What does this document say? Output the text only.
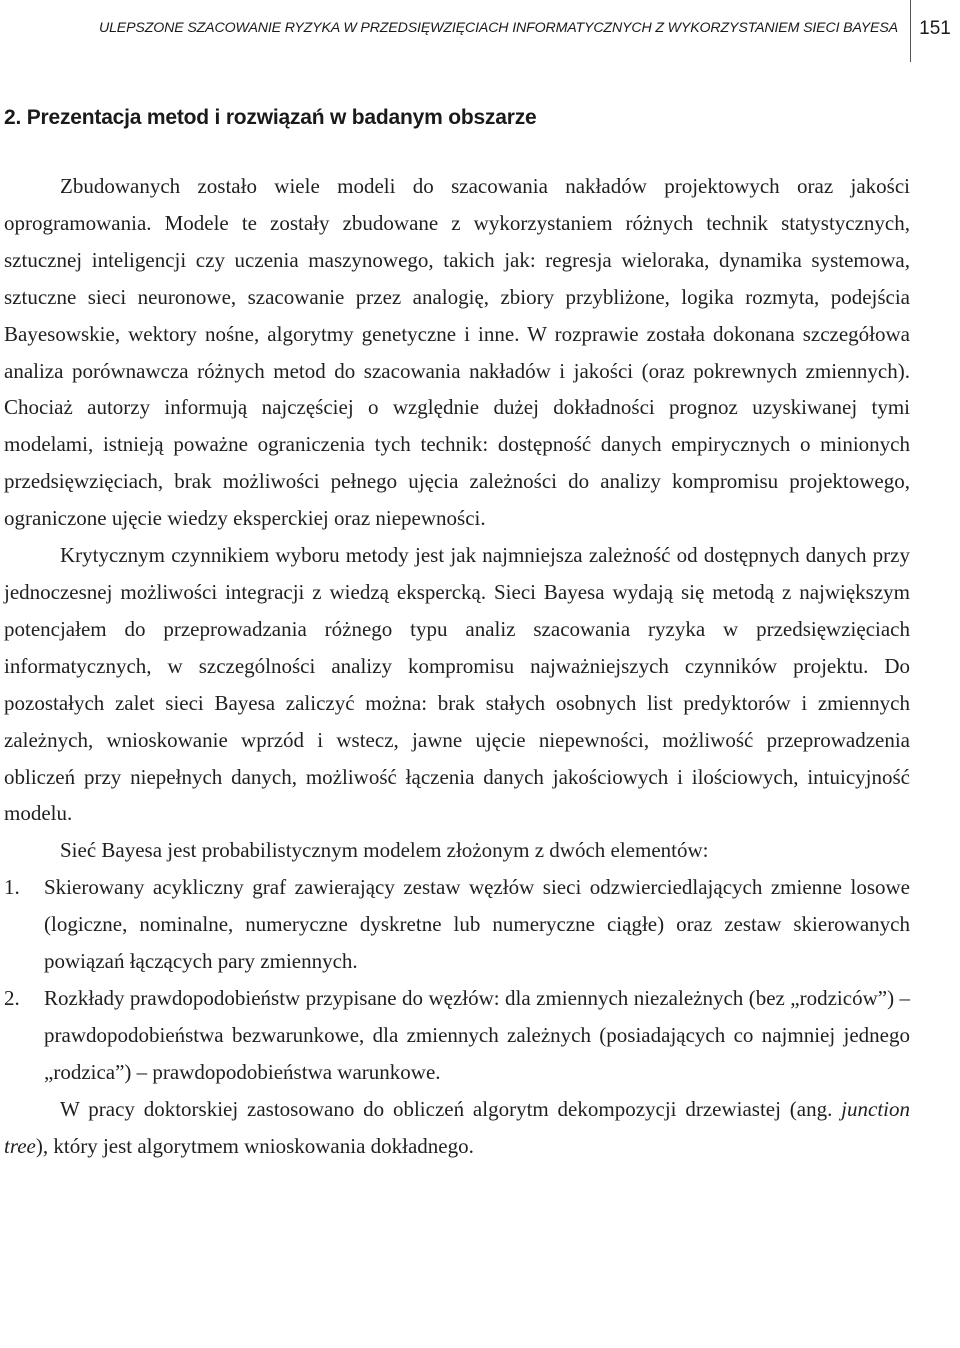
ULEPSZONE SZACOWANIE RYZYKA W PRZEDSIĘWZIĘCIACH INFORMATYCZNYCH Z WYKORZYSTANIEM SIECI BAYESA	151
2. Prezentacja metod i rozwiązań w badanym obszarze

Zbudowanych zostało wiele modeli do szacowania nakładów projektowych oraz jakości oprogramowania. Modele te zostały zbudowane z wykorzystaniem różnych technik statystycznych, sztucznej inteligencji czy uczenia maszynowego, takich jak: regresja wieloraka, dynamika systemowa, sztuczne sieci neuronowe, szacowanie przez analogię, zbiory przybliżone, logika rozmyta, podejścia Bayesowskie, wektory nośne, algorytmy genetyczne i inne. W rozprawie została dokonana szczegółowa analiza porównawcza różnych metod do szacowania nakładów i jakości (oraz pokrewnych zmiennych). Chociaż autorzy informują najczęściej o względnie dużej dokładności prognoz uzyskiwanej tymi modelami, istnieją poważne ograniczenia tych technik: dostępność danych empirycznych o minionych przedsięwzięciach, brak możliwości pełnego ujęcia zależności do analizy kompromisu projektowego, ograniczone ujęcie wiedzy eksperckiej oraz niepewności.

Krytycznym czynnikiem wyboru metody jest jak najmniejsza zależność od dostępnych danych przy jednoczesnej możliwości integracji z wiedzą ekspercką. Sieci Bayesa wydają się metodą z największym potencjałem do przeprowadzania różnego typu analiz szacowania ryzyka w przedsięwzięciach informatycznych, w szczególności analizy kompromisu najważniejszych czynników projektu. Do pozostałych zalet sieci Bayesa zaliczyć można: brak stałych osobnych list predyktorów i zmiennych zależnych, wnioskowanie wprzód i wstecz, jawne ujęcie niepewności, możliwość przeprowadzenia obliczeń przy niepełnych danych, możliwość łączenia danych jakościowych i ilościowych, intuicyjność modelu.

Sieć Bayesa jest probabilistycznym modelem złożonym z dwóch elementów:

1. Skierowany acykliczny graf zawierający zestaw węzłów sieci odzwierciedlających zmienne losowe (logiczne, nominalne, numeryczne dyskretne lub numeryczne ciągłe) oraz zestaw skierowanych powiązań łączących pary zmiennych.
2. Rozkłady prawdopodobieństw przypisane do węzłów: dla zmiennych niezależnych (bez „rodziców”) – prawdopodobieństwa bezwarunkowe, dla zmiennych zależnych (posiadających co najmniej jednego „rodzica”) – prawdopodobieństwa warunkowe.

W pracy doktorskiej zastosowano do obliczeń algorytm dekompozycji drzewiastej (ang. junction tree), który jest algorytmem wnioskowania dokładnego.
